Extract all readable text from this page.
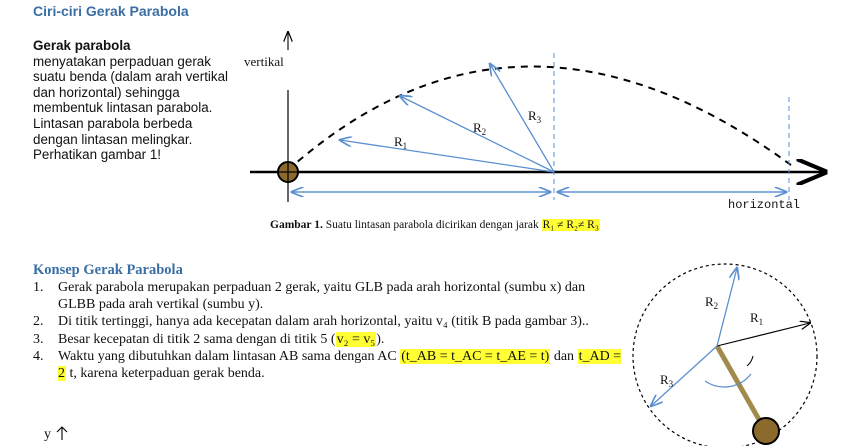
Ciri-ciri Gerak Parabola
Gerak parabola
menyatakan perpaduan gerak suatu benda (dalam arah vertikal dan horizontal) sehingga membentuk lintasan parabola. Lintasan parabola berbeda dengan lintasan melingkar. Perhatikan gambar 1!
vertikal
horizontal
$R_1$
$R_2$
$R_3$
Gambar 1. Suatu lintasan parabola dicirikan dengan jarak R₁ ≠ R₂≠ R₃
Konsep Gerak Parabola
1. Gerak parabola merupakan perpaduan 2 gerak, yaitu GLB pada arah horizontal (sumbu x) dan GLBB pada arah vertikal (sumbu y).
2. Di titik tertinggi, hanya ada kecepatan dalam arah horizontal, yaitu v₄ (titik B pada gambar 3)..
3. Besar kecepatan di titik 2 sama dengan di titik 5 (v₂ = v₅).
4. Waktu yang dibutuhkan dalam lintasan AB sama dengan AC (t_AB = t_AC = t_AE = t) dan t_AD = 2 t, karena keterpaduan gerak benda.
$R_2$
$R_1$
$R_3$
y
